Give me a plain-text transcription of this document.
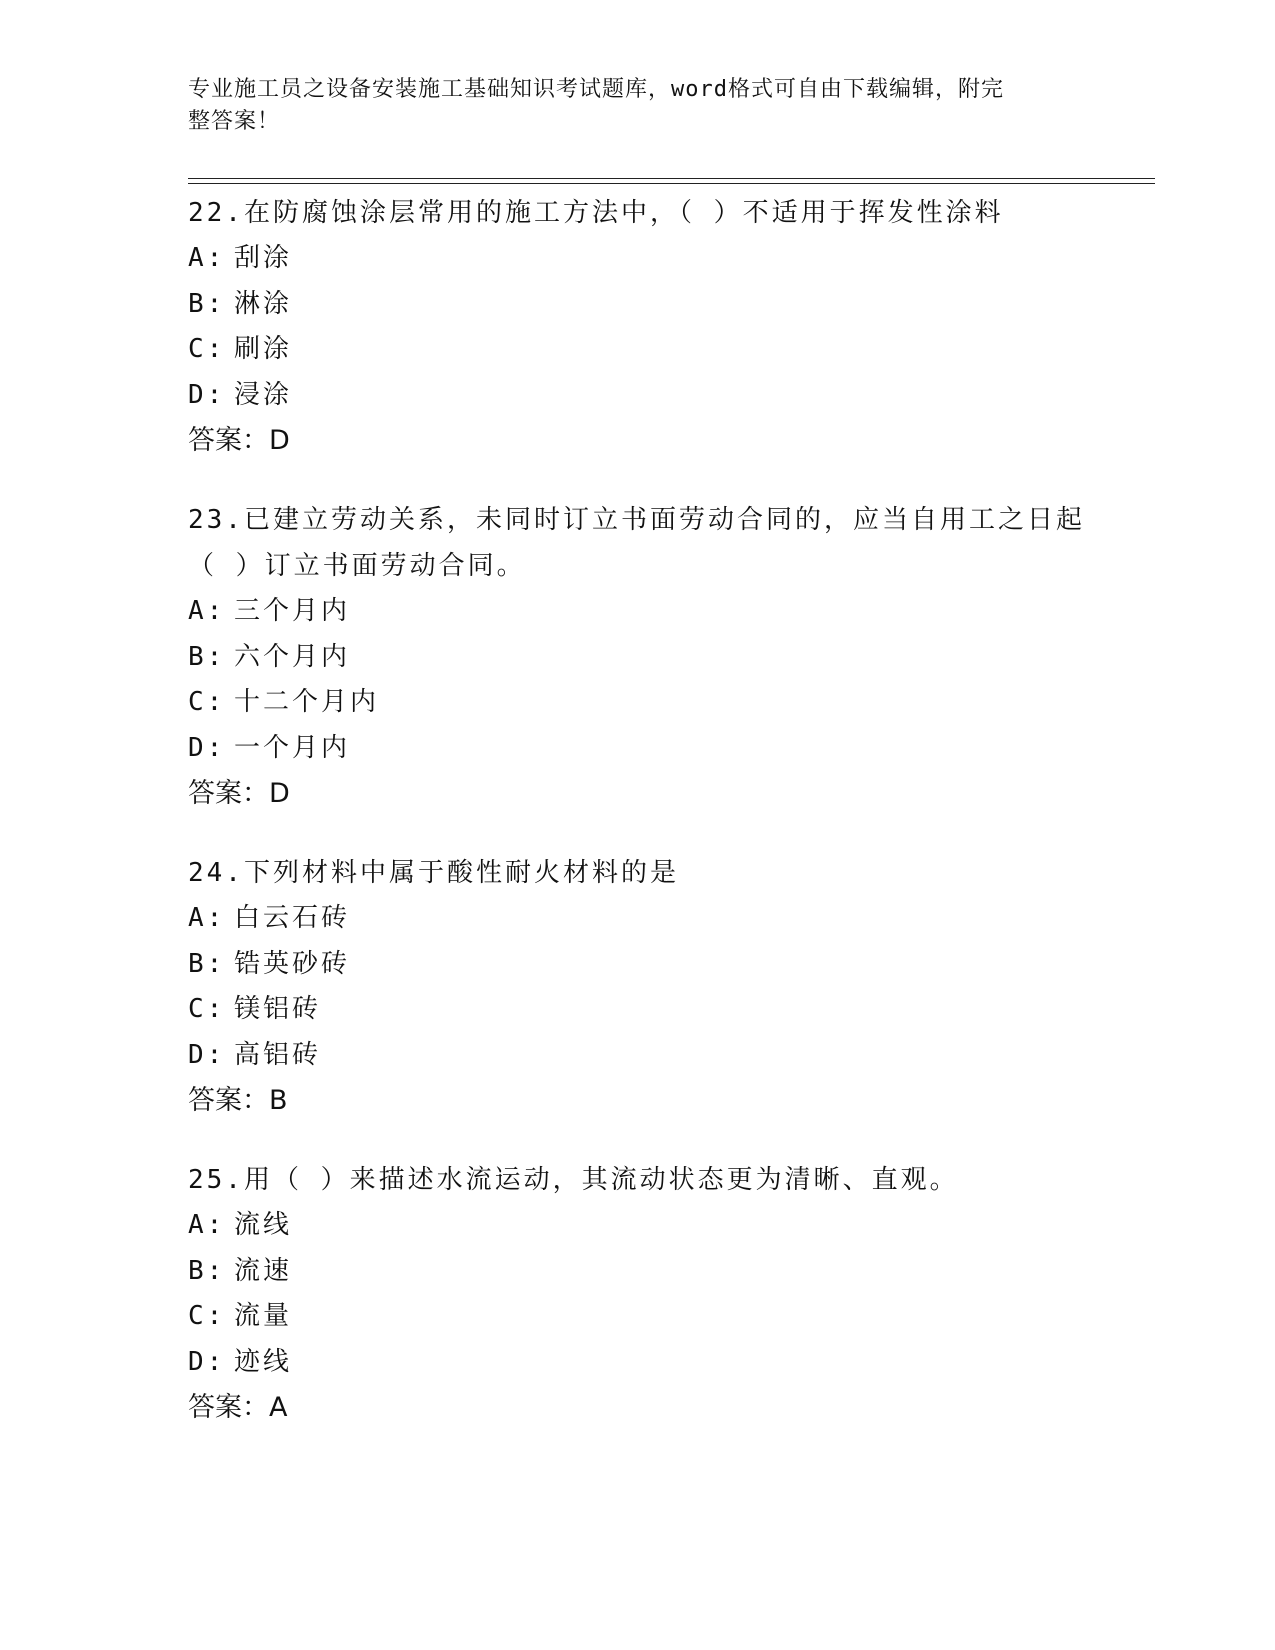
专业施工员之设备安装施工基础知识考试题库，word格式可自由下载编辑，附完
整答案！
22.在防腐蚀涂层常用的施工方法中，（ ）不适用于挥发性涂料
A: 刮涂
B: 淋涂
C: 刷涂
D: 浸涂
答案：D
23.已建立劳动关系，未同时订立书面劳动合同的，应当自用工之日起
（ ）订立书面劳动合同。
A: 三个月内
B: 六个月内
C: 十二个月内
D: 一个月内
答案：D
24.下列材料中属于酸性耐火材料的是
A: 白云石砖
B: 锆英砂砖
C: 镁铝砖
D: 高铝砖
答案：B
25.用（ ）来描述水流运动，其流动状态更为清晰、直观。
A: 流线
B: 流速
C: 流量
D: 迹线
答案：A
